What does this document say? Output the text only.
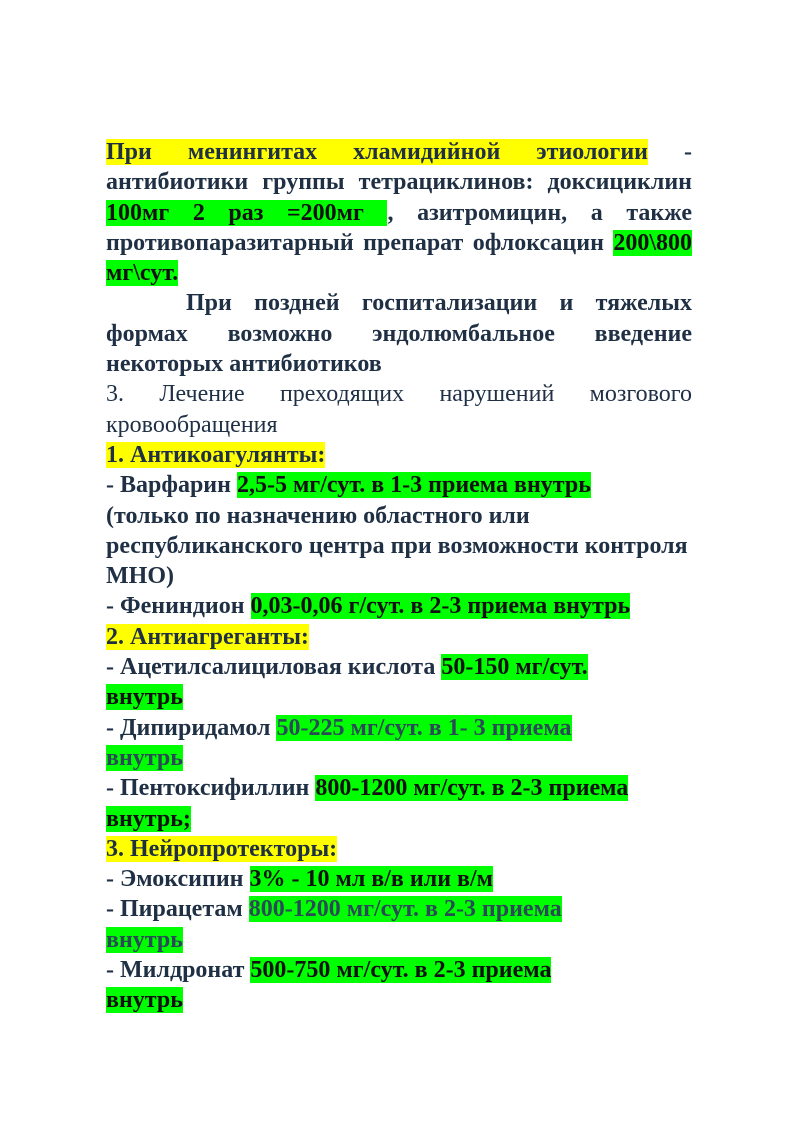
При менингитах хламидийной этиологии - антибиотики группы тетрациклинов: доксициклин 100мг 2 раз =200мг , азитромицин, а также противопаразитарный препарат офлоксацин 200\800 мг\сут.

При поздней госпитализации и тяжелых формах возможно эндолюмбальное введение некоторых антибиотиков

3. Лечение преходящих нарушений мозгового кровообращения

1. Антикоагулянты:

- Варфарин 2,5-5 мг/сут. в 1-3 приема внутрь

(только по назначению областного или республиканского центра при возможности контроля МНО)

- Фениндион 0,03-0,06 г/сут. в 2-3 приема внутрь

2. Антиагреганты:

- Ацетилсалициловая кислота 50-150 мг/сут.
внутрь

- Дипиридамол 50-225 мг/сут. в 1- 3 приема
внутрь

- Пентоксифиллин 800-1200 мг/сут. в 2-3 приема
внутрь;

3. Нейропротекторы:

- Эмоксипин 3% - 10 мл в/в или в/м

- Пирацетам 800-1200 мг/сут. в 2-3 приема
внутрь

- Милдронат 500-750 мг/сут. в 2-3 приема
внутрь
